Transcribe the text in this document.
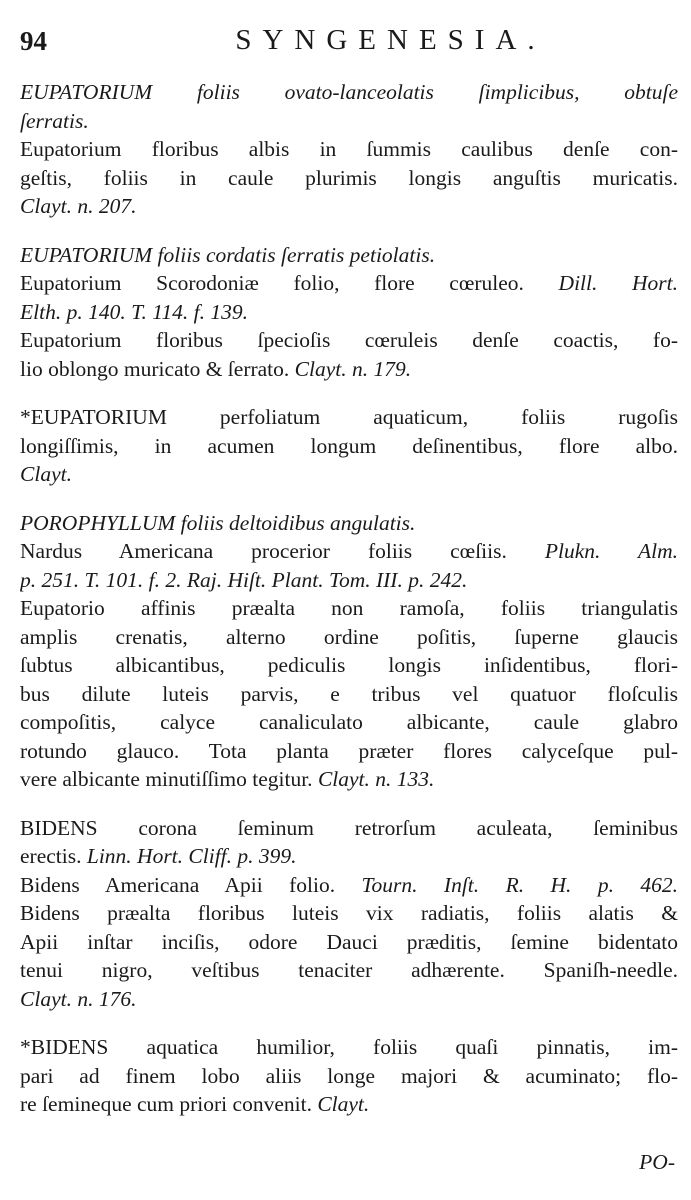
94	SYNGENESIA.
EUPATORIUM foliis ovato-lanceolatis ſimplicibus, obtuſe
ſerratis.
Eupatorium floribus albis in ſummis caulibus denſe con-
geſtis, foliis in caule plurimis longis anguſtis muricatis.
Clayt. n. 207.
EUPATORIUM foliis cordatis ſerratis petiolatis.
Eupatorium Scorodoniæ folio, flore cœruleo. Dill. Hort.
Elth. p. 140. T. 114. f. 139.
Eupatorium floribus ſpecioſis cœruleis denſe coactis, fo-
lio oblongo muricato & ſerrato. Clayt. n. 179.
*EUPATORIUM perfoliatum aquaticum, foliis rugoſis
longiſſimis, in acumen longum deſinentibus, flore albo.
Clayt.
POROPHYLLUM foliis deltoidibus angulatis.
Nardus Americana procerior foliis cœſiis. Plukn. Alm.
p. 251. T. 101. f. 2. Raj. Hiſt. Plant. Tom. III. p. 242.
Eupatorio affinis præalta non ramoſa, foliis triangulatis
amplis crenatis, alterno ordine poſitis, ſuperne glaucis
ſubtus albicantibus, pediculis longis inſidentibus, flori-
bus dilute luteis parvis, e tribus vel quatuor floſculis
compoſitis, calyce canaliculato albicante, caule glabro
rotundo glauco. Tota planta præter flores calyceſque pul-
vere albicante minutiſſimo tegitur. Clayt. n. 133.
BIDENS corona ſeminum retrorſum aculeata, ſeminibus
erectis. Linn. Hort. Cliff. p. 399.
Bidens Americana Apii folio. Tourn. Inſt. R. H. p. 462.
Bidens præalta floribus luteis vix radiatis, foliis alatis &
Apii inſtar inciſis, odore Dauci præditis, ſemine bidentato
tenui nigro, veſtibus tenaciter adhærente. Spaniſh-needle.
Clayt. n. 176.
*BIDENS aquatica humilior, foliis quaſi pinnatis, im-
pari ad finem lobo aliis longe majori & acuminato; flo-
re ſemineque cum priori convenit. Clayt.
PO-
